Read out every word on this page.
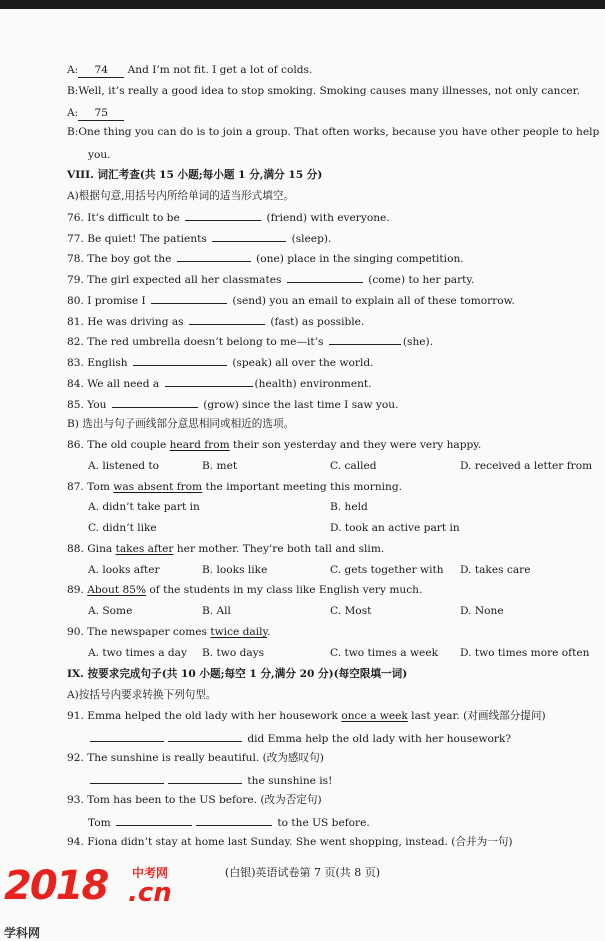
A: 74 And I’m not fit. I get a lot of colds.
B:Well, it’s really a good idea to stop smoking. Smoking causes many illnesses, not only cancer.
A: 75
B:One thing you can do is to join a group. That often works, because you have other people to help
you.
VIII. 词汇考查(共 15 小题;每小题 1 分,满分 15 分)
A)根据句意,用括号内所给单词的适当形式填空。
76. It’s difficult to be	(friend) with everyone.
77. Be quiet! The patients	(sleep).
78. The boy got the	(one) place in the singing competition.
79. The girl expected all her classmates	(come) to her party.
80. I promise I	(send) you an email to explain all of these tomorrow.
81. He was driving as	(fast) as possible.
82. The red umbrella doesn’t belong to me—it’s	(she).
83. English	(speak) all over the world.
84. We all need a	(health) environment.
85. You	(grow) since the last time I saw you.
B) 选出与句子画线部分意思相同或相近的选项。
86. The old couple heard from their son yesterday and they were very happy.
A. listened to	B. met	C. called	D. received a letter from
87. Tom was absent from the important meeting this morning.
A. didn’t take part in	B. held
C. didn’t like	D. took an active part in
88. Gina takes after her mother. They’re both tall and slim.
A. looks after	B. looks like	C. gets together with D. takes care
89. About 85% of the students in my class like English very much.
A. Some	B. All	C. Most	D. None
90. The newspaper comes twice daily.
A. two times a day B. two days	C. two times a week D. two times more often
IX. 按要求完成句子(共 10 小题;每空 1 分,满分 20 分)(每空限填一词)
A)按括号内要求转换下列句型。
91. Emma helped the old lady with her housework once a week last year. (对画线部分提问)
did Emma help the old lady with her housework?
92. The sunshine is really beautiful. (改为感叹句)
the sunshine is!
93. Tom has been to the US before. (改为否定句)
Tom	to the US before.
94. Fiona didn’t stay at home last Sunday. She went shopping, instead. (合并为一句)
(白银)英语试卷第 7 页(共 8 页)
2018 中考网
.cn
学科网
